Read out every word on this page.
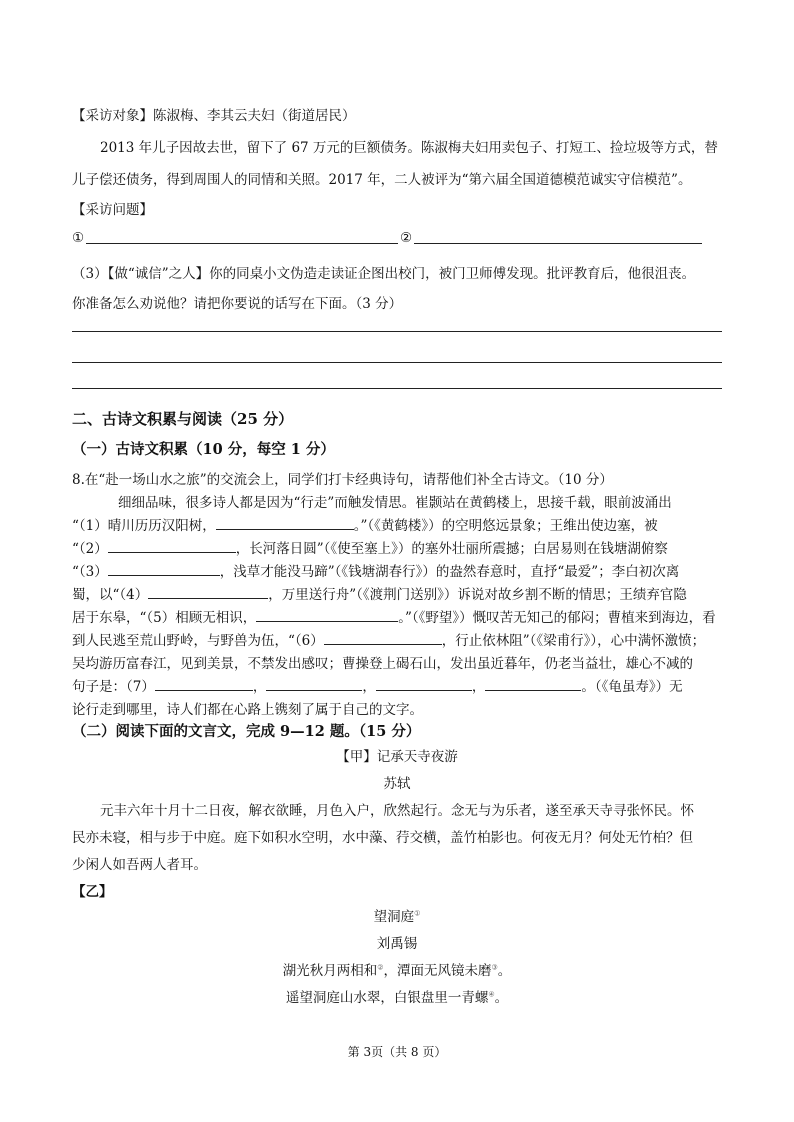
【采访对象】陈淑梅、李其云夫妇（街道居民）
2013 年儿子因故去世，留下了 67 万元的巨额债务。陈淑梅夫妇用卖包子、打短工、捡垃圾等方式，替
儿子偿还债务，得到周围人的同情和关照。2017 年，二人被评为“第六届全国道德模范诚实守信模范”。
【采访问题】
①	②
（3）【做“诚信”之人】你的同桌小文伪造走读证企图出校门，被门卫师傅发现。批评教育后，他很沮丧。
你准备怎么劝说他？请把你要说的话写在下面。（3 分）
二、古诗文积累与阅读（25 分）
（一）古诗文积累（10 分，每空 1 分）
8.在“赴一场山水之旅”的交流会上，同学们打卡经典诗句，请帮他们补全古诗文。（10 分）
细细品味，很多诗人都是因为“行走”而触发情思。崔颢站在黄鹤楼上，思接千载，眼前波涌出
“（1）晴川历历汉阳树，	。”（《黄鹤楼》）的空明悠远景象；王维出使边塞，被
“（2）	，长河落日圆”（《使至塞上》）的塞外壮丽所震撼；白居易则在钱塘湖俯察
“（3）	，浅草才能没马蹄”（《钱塘湖春行》）的盎然春意时，直抒“最爱”；李白初次离
蜀，以“（4）	，万里送行舟”（《渡荆门送别》）诉说对故乡割不断的情思；王绩弃官隐
居于东皋，“（5）相顾无相识，	。”（《野望》）慨叹苦无知己的郁闷；曹植来到海边，看
到人民逃至荒山野岭，与野兽为伍，“（6）	，行止依林阻”（《梁甫行》），心中满怀激愤；
吴均游历富春江，见到美景，不禁发出感叹；曹操登上碣石山，发出虽近暮年，仍老当益壮，雄心不减的
句子是：（7）	，	，	，	。（《龟虽寿》）无
论行走到哪里，诗人们都在心路上镌刻了属于自己的文字。
（二）阅读下面的文言文，完成 9—12 题。（15 分）
【甲】记承天寺夜游
苏轼
元丰六年十月十二日夜，解衣欲睡，月色入户，欣然起行。念无与为乐者，遂至承天寺寻张怀民。怀
民亦未寝，相与步于中庭。庭下如积水空明，水中藻、荇交横，盖竹柏影也。何夜无月？何处无竹柏？但
少闲人如吾两人者耳。
【乙】
望洞庭①
刘禹锡
湖光秋月两相和②，潭面无风镜未磨③。
遥望洞庭山水翠，白银盘里一青螺④。
第 3页（共 8 页）
